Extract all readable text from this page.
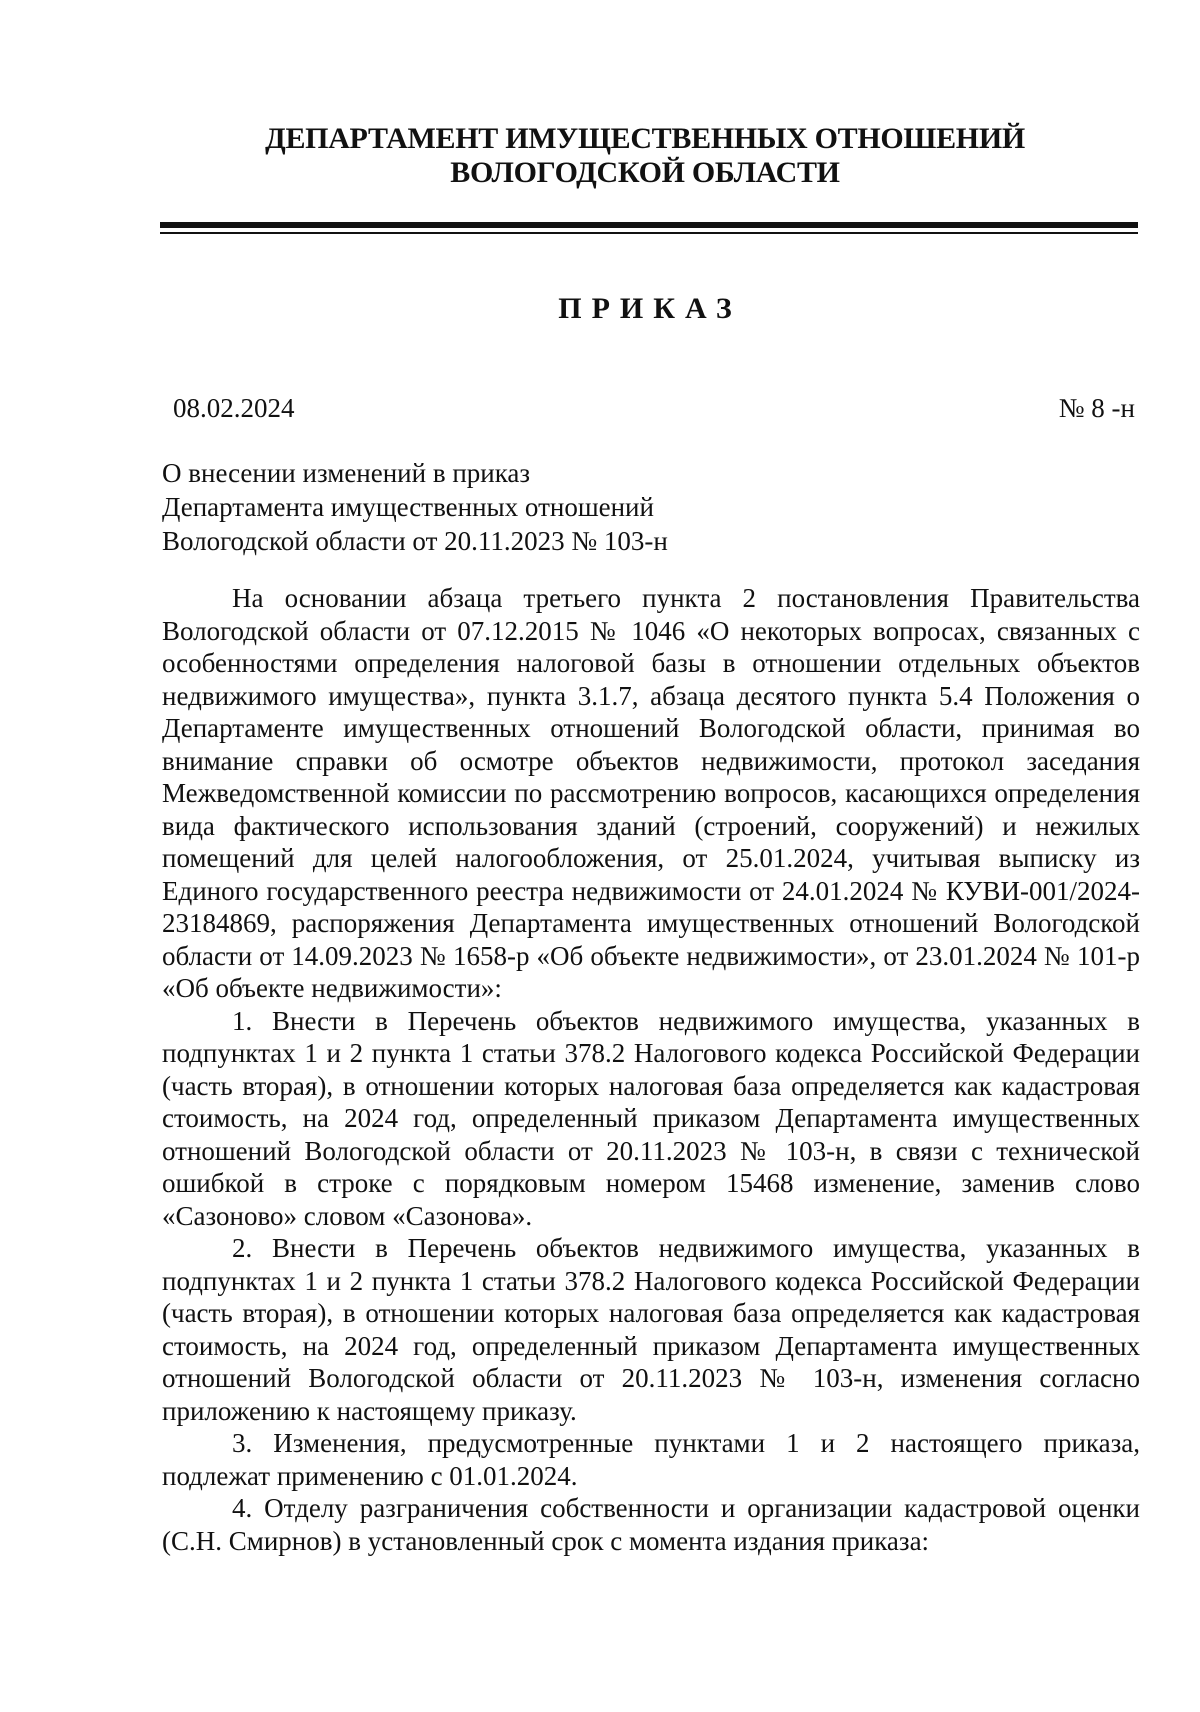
ДЕПАРТАМЕНТ ИМУЩЕСТВЕННЫХ ОТНОШЕНИЙ
ВОЛОГОДСКОЙ ОБЛАСТИ
ПРИКАЗ
08.02.2024	№ 8 -н
О внесении изменений в приказ
Департамента имущественных отношений
Вологодской области от 20.11.2023 № 103-н

На основании абзаца третьего пункта 2 постановления Правительства Вологодской области от 07.12.2015 № 1046 «О некоторых вопросах, связанных с особенностями определения налоговой базы в отношении отдельных объектов недвижимого имущества», пункта 3.1.7, абзаца десятого пункта 5.4 Положения о Департаменте имущественных отношений Вологодской области, принимая во внимание справки об осмотре объектов недвижимости, протокол заседания Межведомственной комиссии по рассмотрению вопросов, касающихся определения вида фактического использования зданий (строений, сооружений) и нежилых помещений для целей налогообложения, от 25.01.2024, учитывая выписку из Единого государственного реестра недвижимости от 24.01.2024 № КУВИ-001/2024-23184869, распоряжения Департамента имущественных отношений Вологодской области от 14.09.2023 № 1658-р «Об объекте недвижимости», от 23.01.2024 № 101-р «Об объекте недвижимости»:

1. Внести в Перечень объектов недвижимого имущества, указанных в подпунктах 1 и 2 пункта 1 статьи 378.2 Налогового кодекса Российской Федерации (часть вторая), в отношении которых налоговая база определяется как кадастровая стоимость, на 2024 год, определенный приказом Департамента имущественных отношений Вологодской области от 20.11.2023 № 103-н, в связи с технической ошибкой в строке с порядковым номером 15468 изменение, заменив слово «Сазоново» словом «Сазонова».

2. Внести в Перечень объектов недвижимого имущества, указанных в подпунктах 1 и 2 пункта 1 статьи 378.2 Налогового кодекса Российской Федерации (часть вторая), в отношении которых налоговая база определяется как кадастровая стоимость, на 2024 год, определенный приказом Департамента имущественных отношений Вологодской области от 20.11.2023 № 103-н, изменения согласно приложению к настоящему приказу.

3. Изменения, предусмотренные пунктами 1 и 2 настоящего приказа, подлежат применению с 01.01.2024.

4. Отделу разграничения собственности и организации кадастровой оценки (С.Н. Смирнов) в установленный срок с момента издания приказа:
